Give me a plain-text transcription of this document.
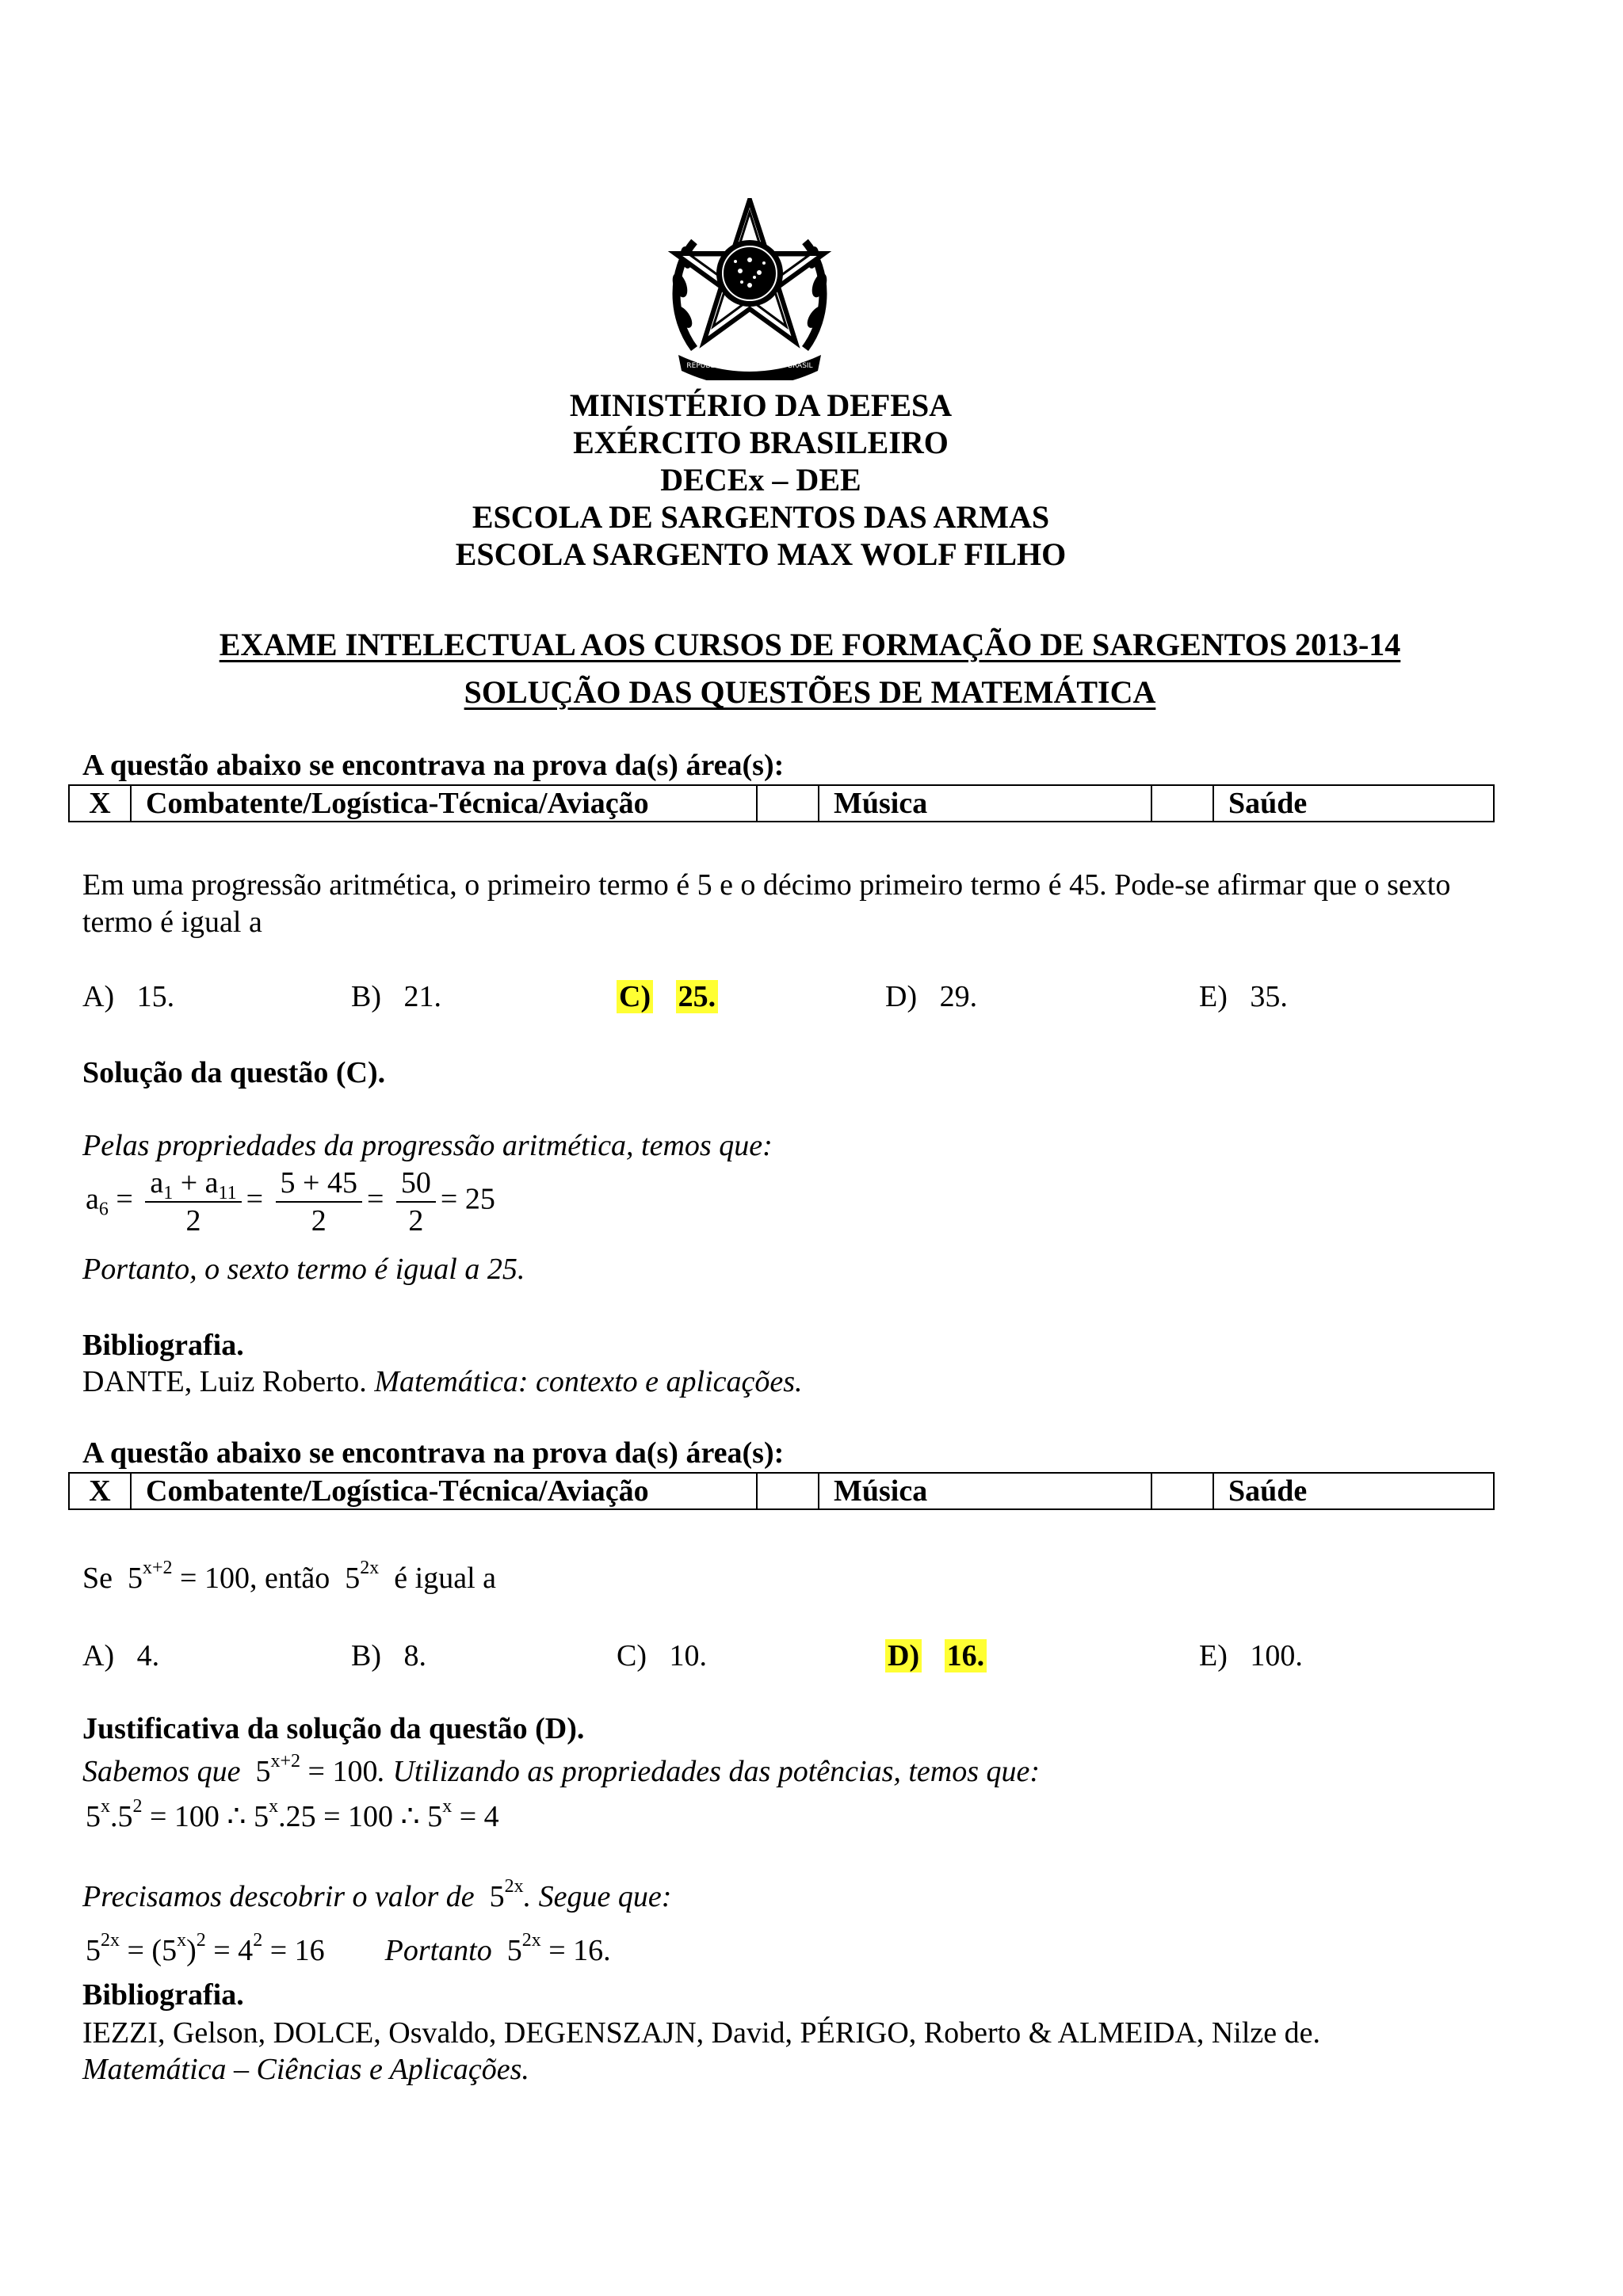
REPÚBLICA FEDERATIVA DO BRASIL
MINISTÉRIO DA DEFESA
EXÉRCITO BRASILEIRO
DECEx – DEE
ESCOLA DE SARGENTOS DAS ARMAS
ESCOLA SARGENTO MAX WOLF FILHO
EXAME INTELECTUAL AOS CURSOS DE FORMAÇÃO DE SARGENTOS 2013-14
SOLUÇÃO DAS QUESTÕES DE MATEMÁTICA
A questão abaixo se encontrava na prova da(s) área(s):
X	Combatente/Logística-Técnica/Aviação		Música		Saúde
Em uma progressão aritmética, o primeiro termo é 5 e o décimo primeiro termo é 45. Pode-se afirmar que o sexto
termo é igual a
A) 15.	B) 21.	C) 25.	D) 29.	E) 35.
Solução da questão (C).
Pelas propriedades da progressão aritmética, temos que:
$a_6 = \frac{a_1 + a_{11}}{2} = \frac{5 + 45}{2} = \frac{50}{2} = 25$
Portanto, o sexto termo é igual a 25.
Bibliografia.
DANTE, Luiz Roberto. Matemática: contexto e aplicações.
A questão abaixo se encontrava na prova da(s) área(s):
X	Combatente/Logística-Técnica/Aviação		Música		Saúde
Se $5^{x+2} = 100$, então $5^{2x}$ é igual a
A) 4.	B) 8.	C) 10.	D) 16.	E) 100.
Justificativa da solução da questão (D).
Sabemos que $5^{x+2} = 100$. Utilizando as propriedades das potências, temos que:
$5^x.5^2 = 100$ ∴ $5^x.25 = 100$ ∴ $5^x = 4$
Precisamos descobrir o valor de $5^{2x}$. Segue que:
$5^{2x} = (5^x)^2 = 4^2 = 16$        Portanto  $5^{2x} = 16$.
Bibliografia.
IEZZI, Gelson, DOLCE, Osvaldo, DEGENSZAJN, David, PÉRIGO, Roberto & ALMEIDA, Nilze de.
Matemática – Ciências e Aplicações.
